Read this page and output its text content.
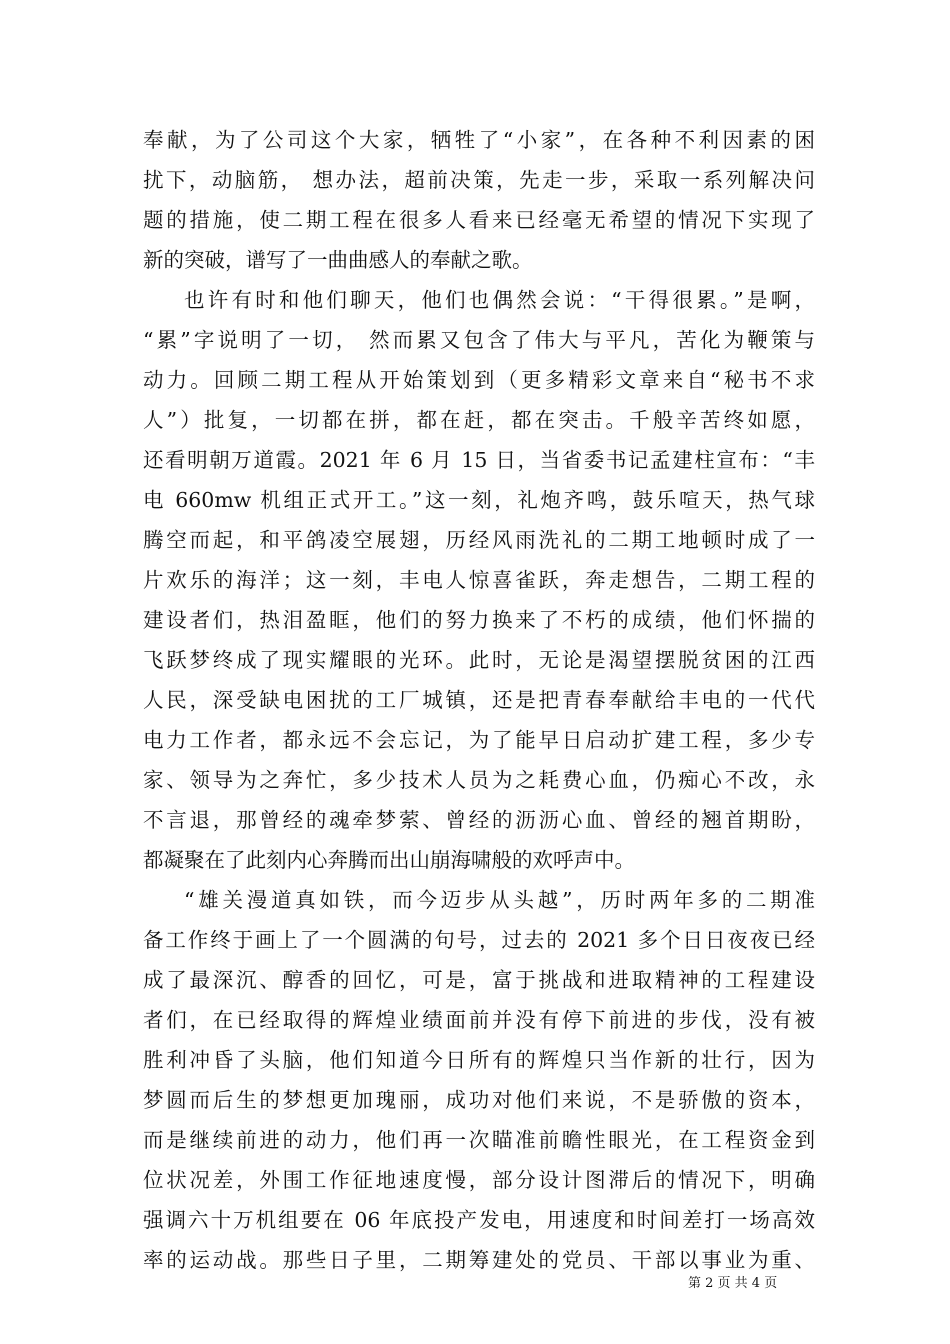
奉献，为了公司这个大家，牺牲了“小家”，在各种不利因素的困
扰下，动脑筋， 想办法，超前决策，先走一步，采取一系列解决问
题的措施，使二期工程在很多人看来已经毫无希望的情况下实现了
新的突破，谱写了一曲曲感人的奉献之歌。
也许有时和他们聊天，他们也偶然会说：“干得很累。”是啊，
“累”字说明了一切， 然而累又包含了伟大与平凡，苦化为鞭策与
动力。回顾二期工程从开始策划到（更多精彩文章来自“秘书不求
人”）批复，一切都在拼，都在赶，都在突击。千般辛苦终如愿，
还看明朝万道霞。2021 年 6 月 15 日，当省委书记孟建柱宣布：“丰
电 660mw 机组正式开工。”这一刻，礼炮齐鸣，鼓乐喧天，热气球
腾空而起，和平鸽凌空展翅，历经风雨洗礼的二期工地顿时成了一
片欢乐的海洋；这一刻，丰电人惊喜雀跃，奔走想告，二期工程的
建设者们，热泪盈眶，他们的努力换来了不朽的成绩，他们怀揣的
飞跃梦终成了现实耀眼的光环。此时，无论是渴望摆脱贫困的江西
人民，深受缺电困扰的工厂城镇，还是把青春奉献给丰电的一代代
电力工作者，都永远不会忘记，为了能早日启动扩建工程，多少专
家、领导为之奔忙，多少技术人员为之耗费心血，仍痴心不改，永
不言退，那曾经的魂牵梦萦、曾经的沥沥心血、曾经的翘首期盼，
都凝聚在了此刻内心奔腾而出山崩海啸般的欢呼声中。
“雄关漫道真如铁，而今迈步从头越”，历时两年多的二期准
备工作终于画上了一个圆满的句号，过去的 2021 多个日日夜夜已经
成了最深沉、醇香的回忆，可是，富于挑战和进取精神的工程建设
者们，在已经取得的辉煌业绩面前并没有停下前进的步伐，没有被
胜利冲昏了头脑，他们知道今日所有的辉煌只当作新的壮行，因为
梦圆而后生的梦想更加瑰丽，成功对他们来说，不是骄傲的资本，
而是继续前进的动力，他们再一次瞄准前瞻性眼光，在工程资金到
位状况差，外围工作征地速度慢，部分设计图滞后的情况下，明确
强调六十万机组要在 06 年底投产发电，用速度和时间差打一场高效
率的运动战。那些日子里，二期筹建处的党员、干部以事业为重、
第 2 页 共 4 页
